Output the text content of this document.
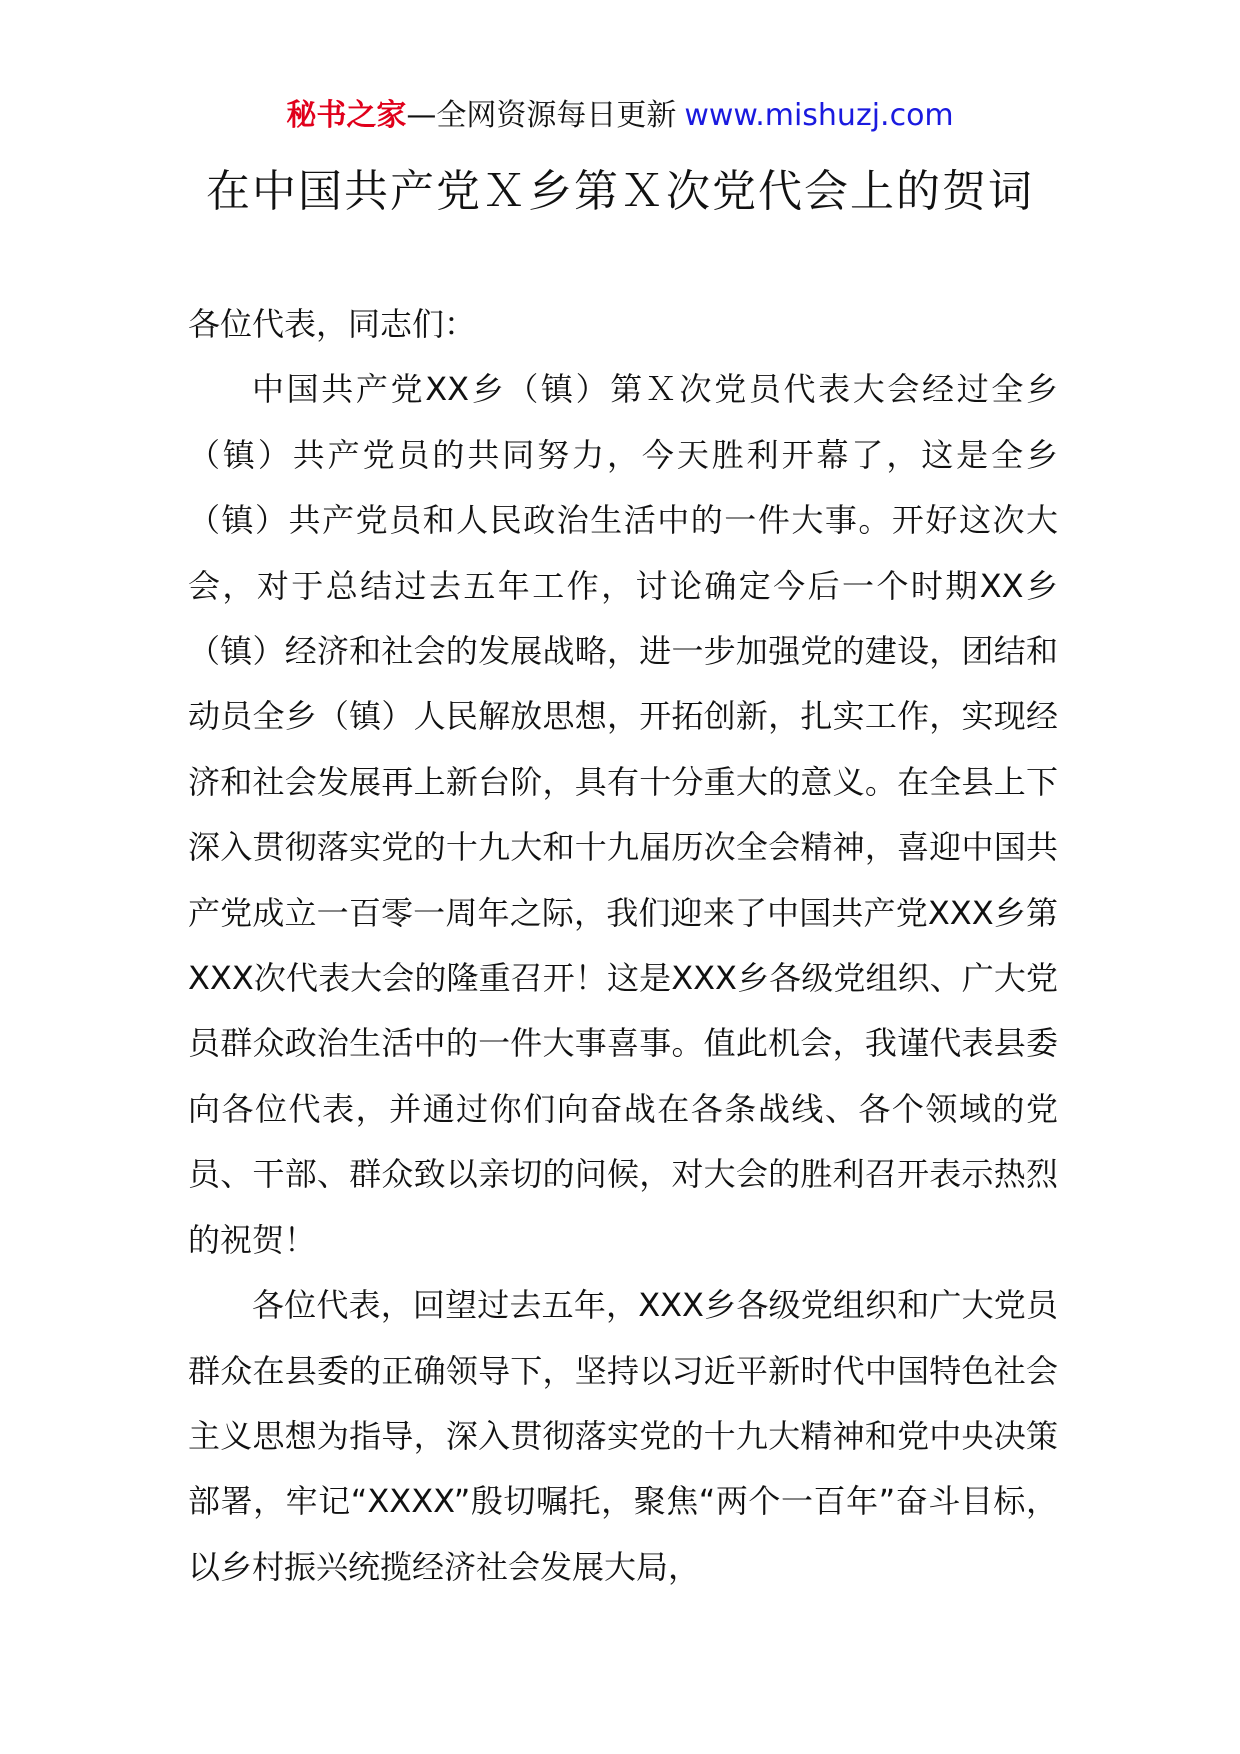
秘书之家—全网资源每日更新 www.mishuzj.com
在中国共产党Ｘ乡第Ｘ次党代会上的贺词

各位代表，同志们：

中国共产党XX乡（镇）第Ｘ次党员代表大会经过全乡（镇）共产党员的共同努力，今天胜利开幕了，这是全乡（镇）共产党员和人民政治生活中的一件大事。开好这次大会，对于总结过去五年工作，讨论确定今后一个时期XX乡（镇）经济和社会的发展战略，进一步加强党的建设，团结和动员全乡（镇）人民解放思想，开拓创新，扎实工作，实现经济和社会发展再上新台阶，具有十分重大的意义。在全县上下深入贯彻落实党的十九大和十九届历次全会精神，喜迎中国共产党成立一百零一周年之际，我们迎来了中国共产党XXX乡第XXX次代表大会的隆重召开！这是XXX乡各级党组织、广大党员群众政治生活中的一件大事喜事。值此机会，我谨代表县委向各位代表，并通过你们向奋战在各条战线、各个领域的党员、干部、群众致以亲切的问候，对大会的胜利召开表示热烈的祝贺！

各位代表，回望过去五年，XXX乡各级党组织和广大党员群众在县委的正确领导下，坚持以习近平新时代中国特色社会主义思想为指导，深入贯彻落实党的十九大精神和党中央决策部署，牢记“XXXX”殷切嘱托，聚焦“两个一百年”奋斗目标，以乡村振兴统揽经济社会发展大局，
